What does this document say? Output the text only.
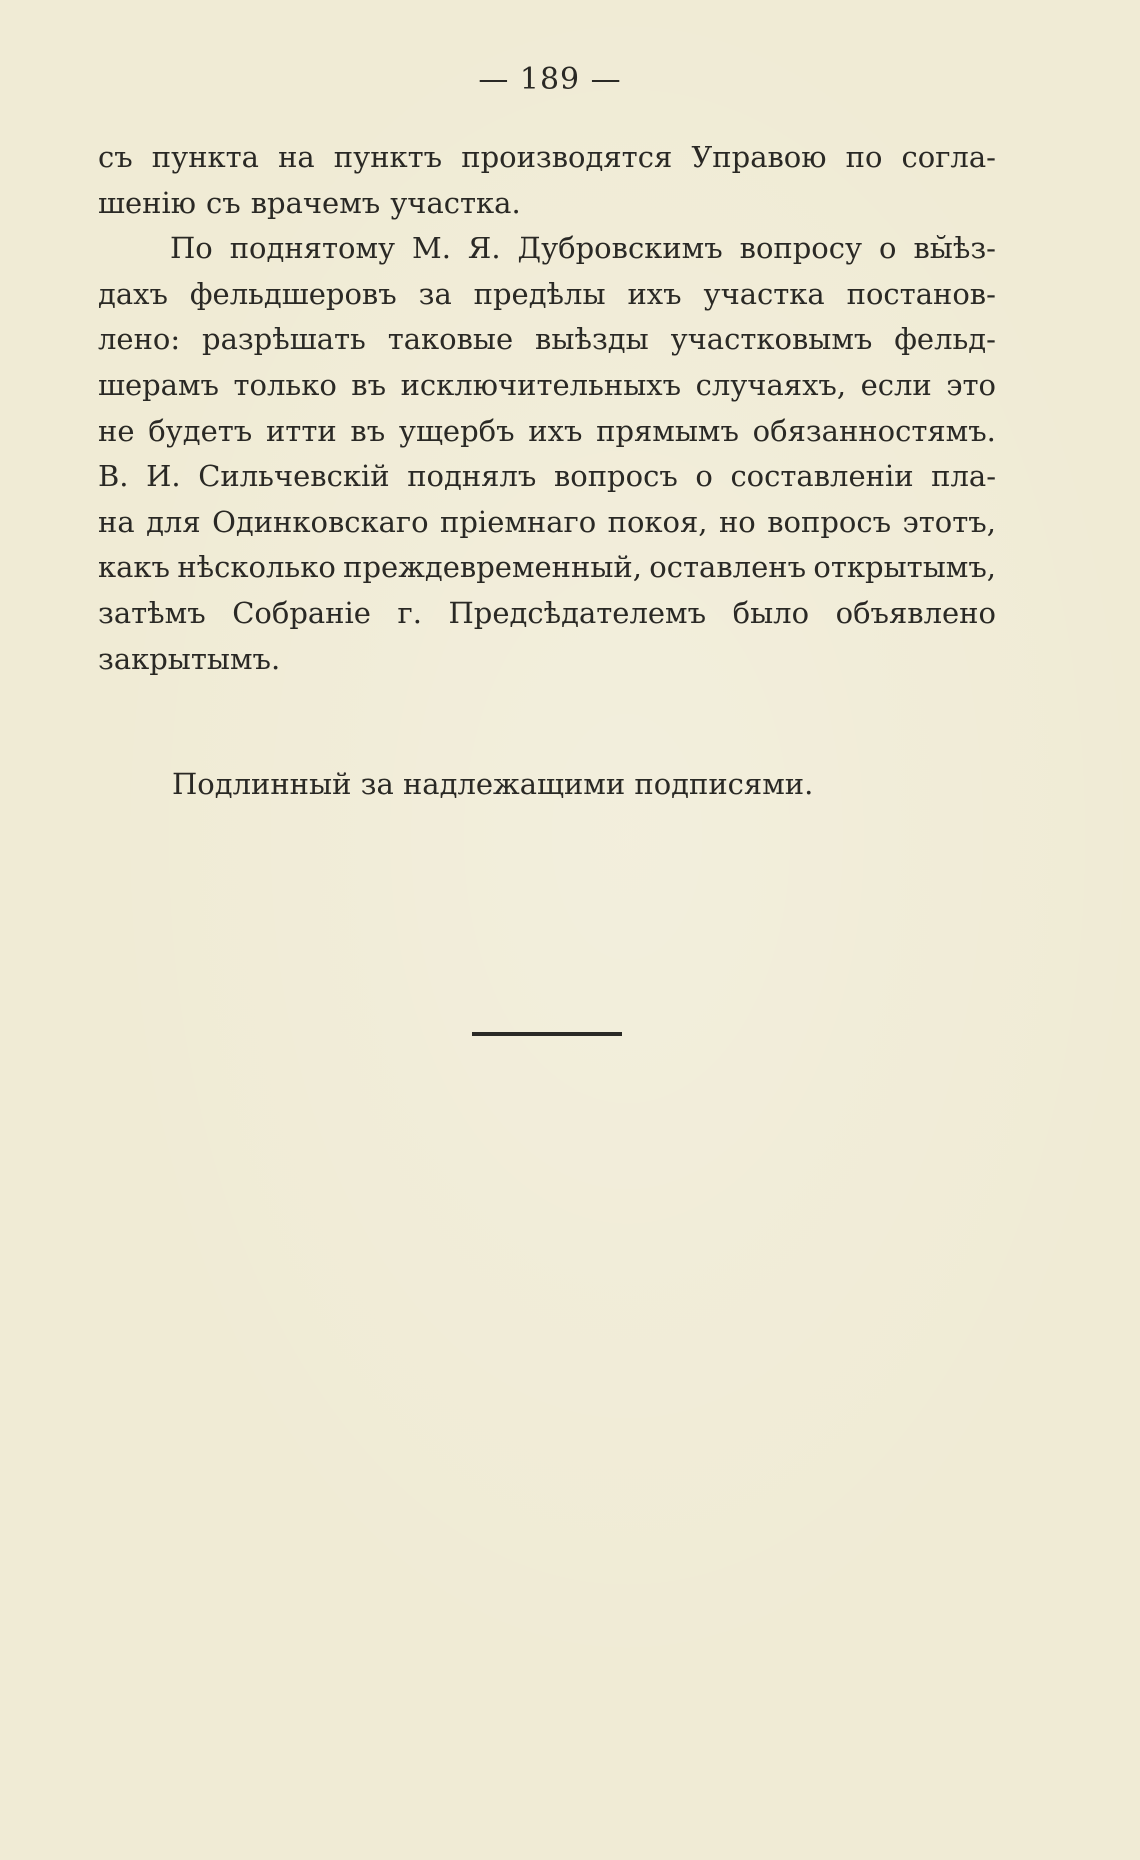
— 189 —
съ пункта на пунктъ производятся Управою по согла-
шенiю съ врачемъ участка.
По поднятому М. Я. Дубровскимъ вопросу о вы̆ѣз-
дахъ фельдшеровъ за предѣлы ихъ участка постанов-
лено: разрѣшать таковые выѣзды участковымъ фельд-
шерамъ только въ исключительныхъ случаяхъ, если это
не будетъ итти въ ущербъ ихъ прямымъ обязанностямъ.
В. И. Сильчевскiй поднялъ вопросъ о составленiи пла-
на для Одинковскаго прiемнаго покоя, но вопросъ этотъ,
какъ нѣсколько преждевременный, оставленъ открытымъ,
затѣмъ Собранiе г. Предсѣдателемъ было объявлено
закрытымъ.
Подлинный за надлежащими подписями.
